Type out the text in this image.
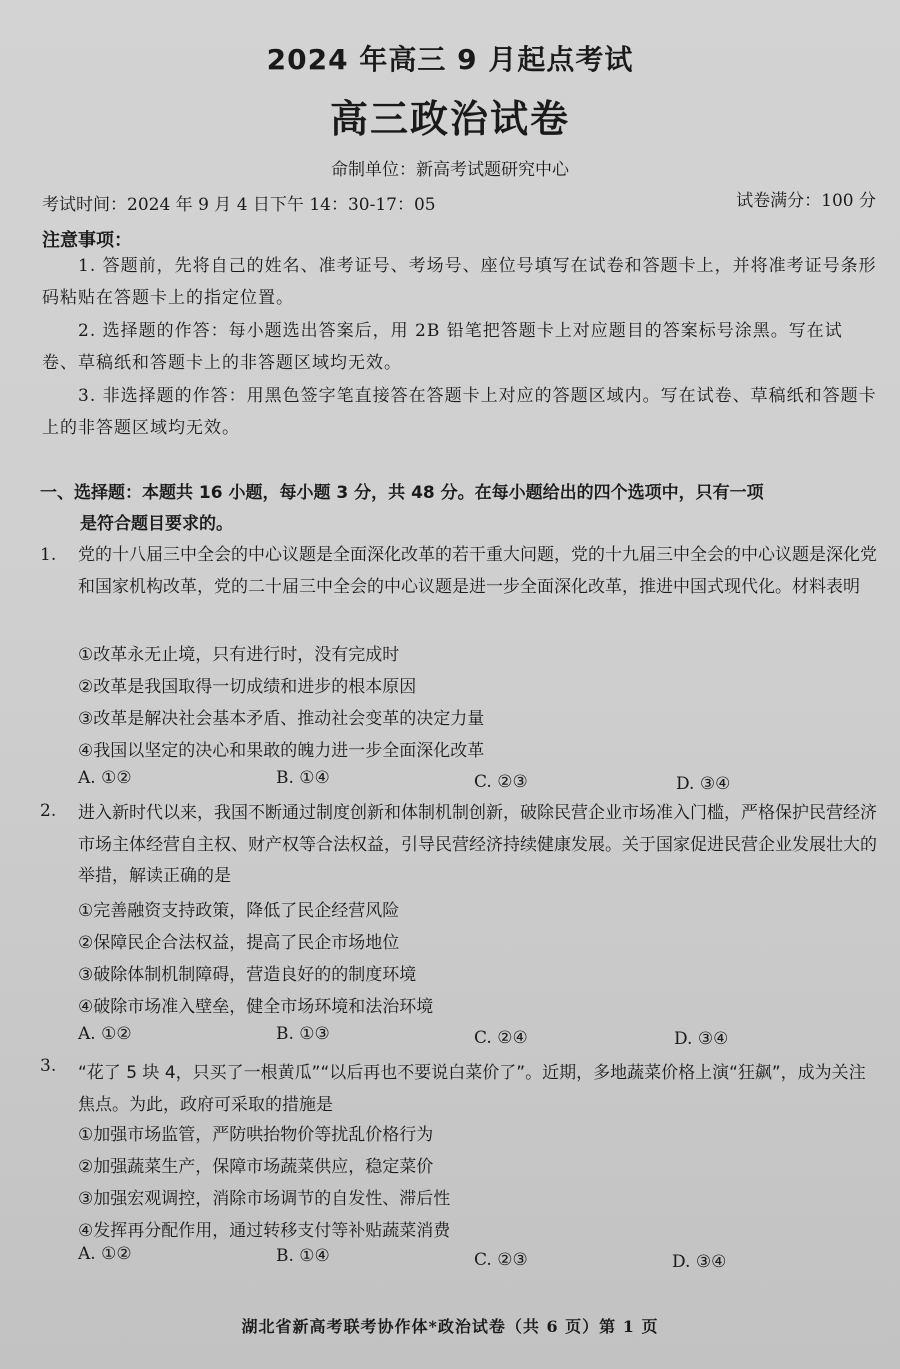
2024 年高三 9 月起点考试
高三政治试卷
命制单位：新高考试题研究中心
考试时间：2024 年 9 月 4 日下午 14：30-17：05	试卷满分：100 分
注意事项：
1. 答题前，先将自己的姓名、准考证号、考场号、座位号填写在试卷和答题卡上，并将准考证号条形码粘贴在答题卡上的指定位置。
2. 选择题的作答：每小题选出答案后，用 2B 铅笔把答题卡上对应题目的答案标号涂黑。写在试卷、草稿纸和答题卡上的非答题区域均无效。
3. 非选择题的作答：用黑色签字笔直接答在答题卡上对应的答题区域内。写在试卷、草稿纸和答题卡上的非答题区域均无效。
一、选择题：本题共 16 小题，每小题 3 分，共 48 分。在每小题给出的四个选项中，只有一项
是符合题目要求的。
1. 党的十八届三中全会的中心议题是全面深化改革的若干重大问题，党的十九届三中全会的中心议题是深化党和国家机构改革，党的二十届三中全会的中心议题是进一步全面深化改革，推进中国式现代化。材料表明
①改革永无止境，只有进行时，没有完成时
②改革是我国取得一切成绩和进步的根本原因
③改革是解决社会基本矛盾、推动社会变革的决定力量
④我国以坚定的决心和果敢的魄力进一步全面深化改革
A. ①②	B. ①④	C. ②③	D. ③④
2. 进入新时代以来，我国不断通过制度创新和体制机制创新，破除民营企业市场准入门槛，严格保护民营经济市场主体经营自主权、财产权等合法权益，引导民营经济持续健康发展。关于国家促进民营企业发展壮大的举措，解读正确的是
①完善融资支持政策，降低了民企经营风险
②保障民企合法权益，提高了民企市场地位
③破除体制机制障碍，营造良好的的制度环境
④破除市场准入壁垒，健全市场环境和法治环境
A. ①②	B. ①③	C. ②④	D. ③④
3. “花了 5 块 4，只买了一根黄瓜”“以后再也不要说白菜价了”。近期，多地蔬菜价格上演“狂飙”，成为关注焦点。为此，政府可采取的措施是
①加强市场监管，严防哄抬物价等扰乱价格行为
②加强蔬菜生产，保障市场蔬菜供应，稳定菜价
③加强宏观调控，消除市场调节的自发性、滞后性
④发挥再分配作用，通过转移支付等补贴蔬菜消费
A. ①②	B. ①④	C. ②③	D. ③④
湖北省新高考联考协作体*政治试卷（共 6 页）第 1 页
